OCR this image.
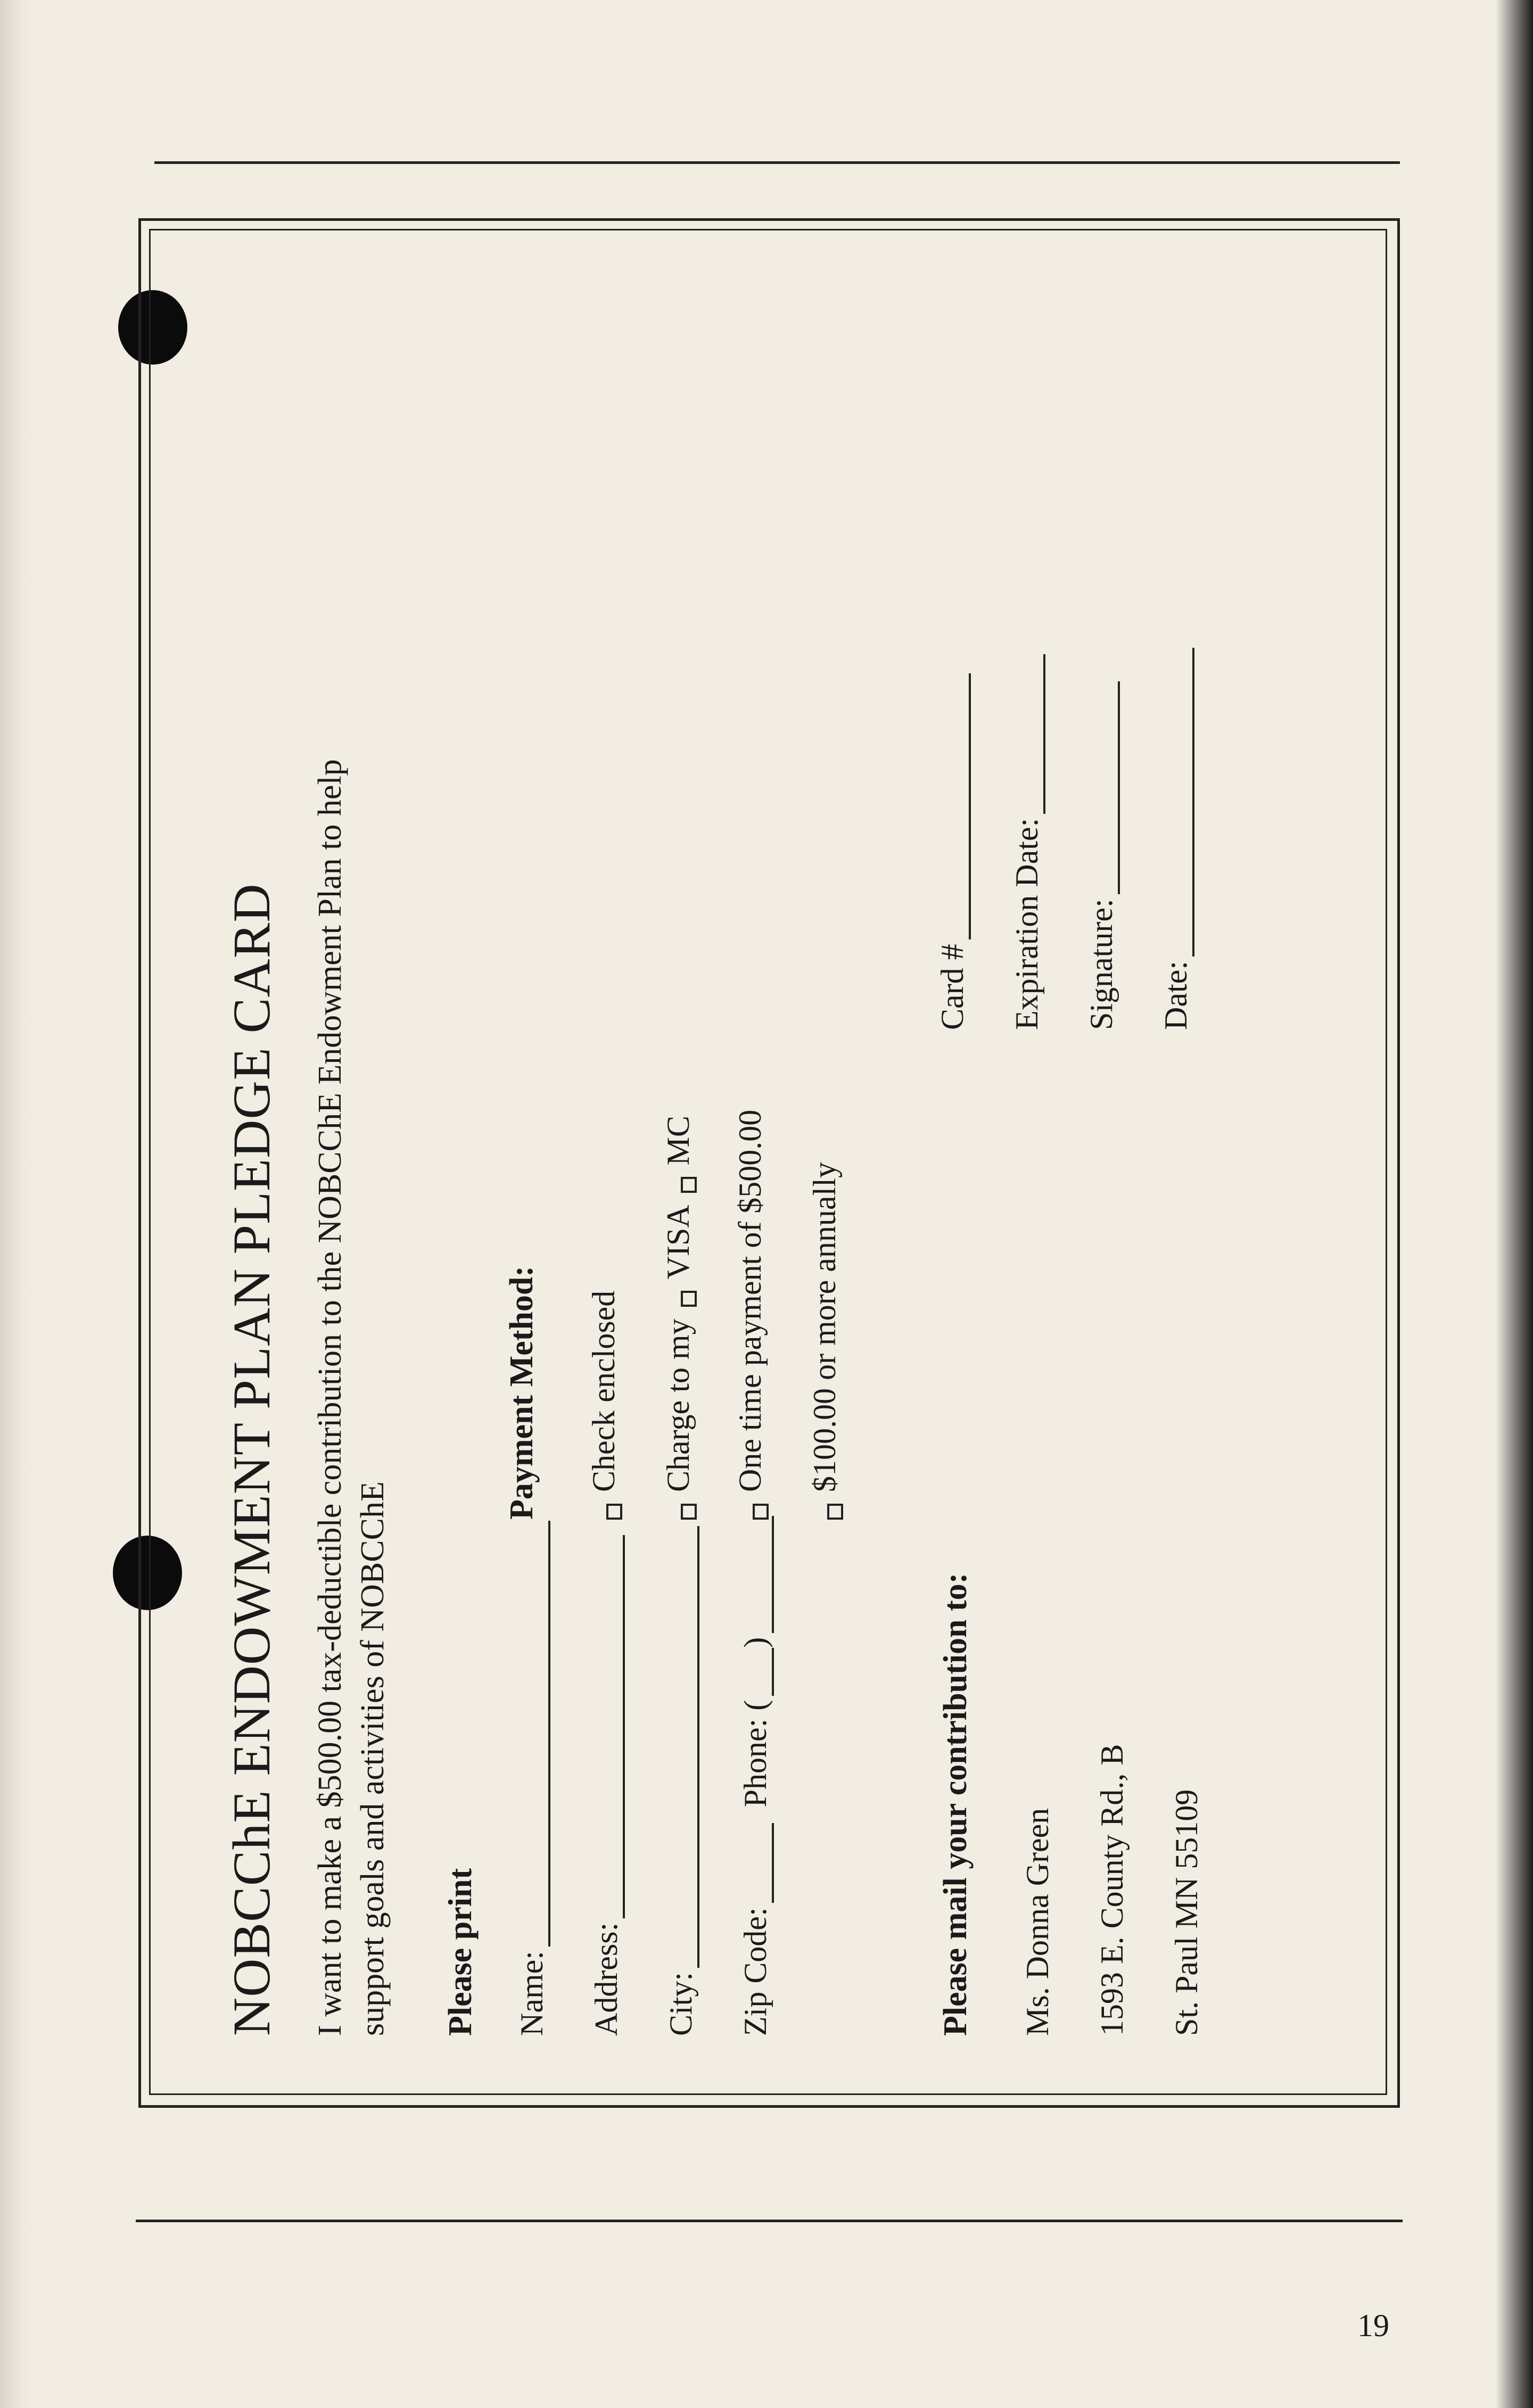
NOBCChE ENDOWMENT PLAN PLEDGE CARD I want to make a $500.00 tax-deductible contribution to the NOBCChE Endowment Plan to help support goals and activities of NOBCChE Please print Name: Address: City: Zip Code:
Phone: (
)
Payment Method: Check enclosed Charge to my
VISA
MC One time payment of $500.00 $100.00 or more annually
Please mail your contribution to: Ms. Donna Green 1593 E. County Rd., B St. Paul MN 55109
Card # Expiration Date: Signature: Date:
19
